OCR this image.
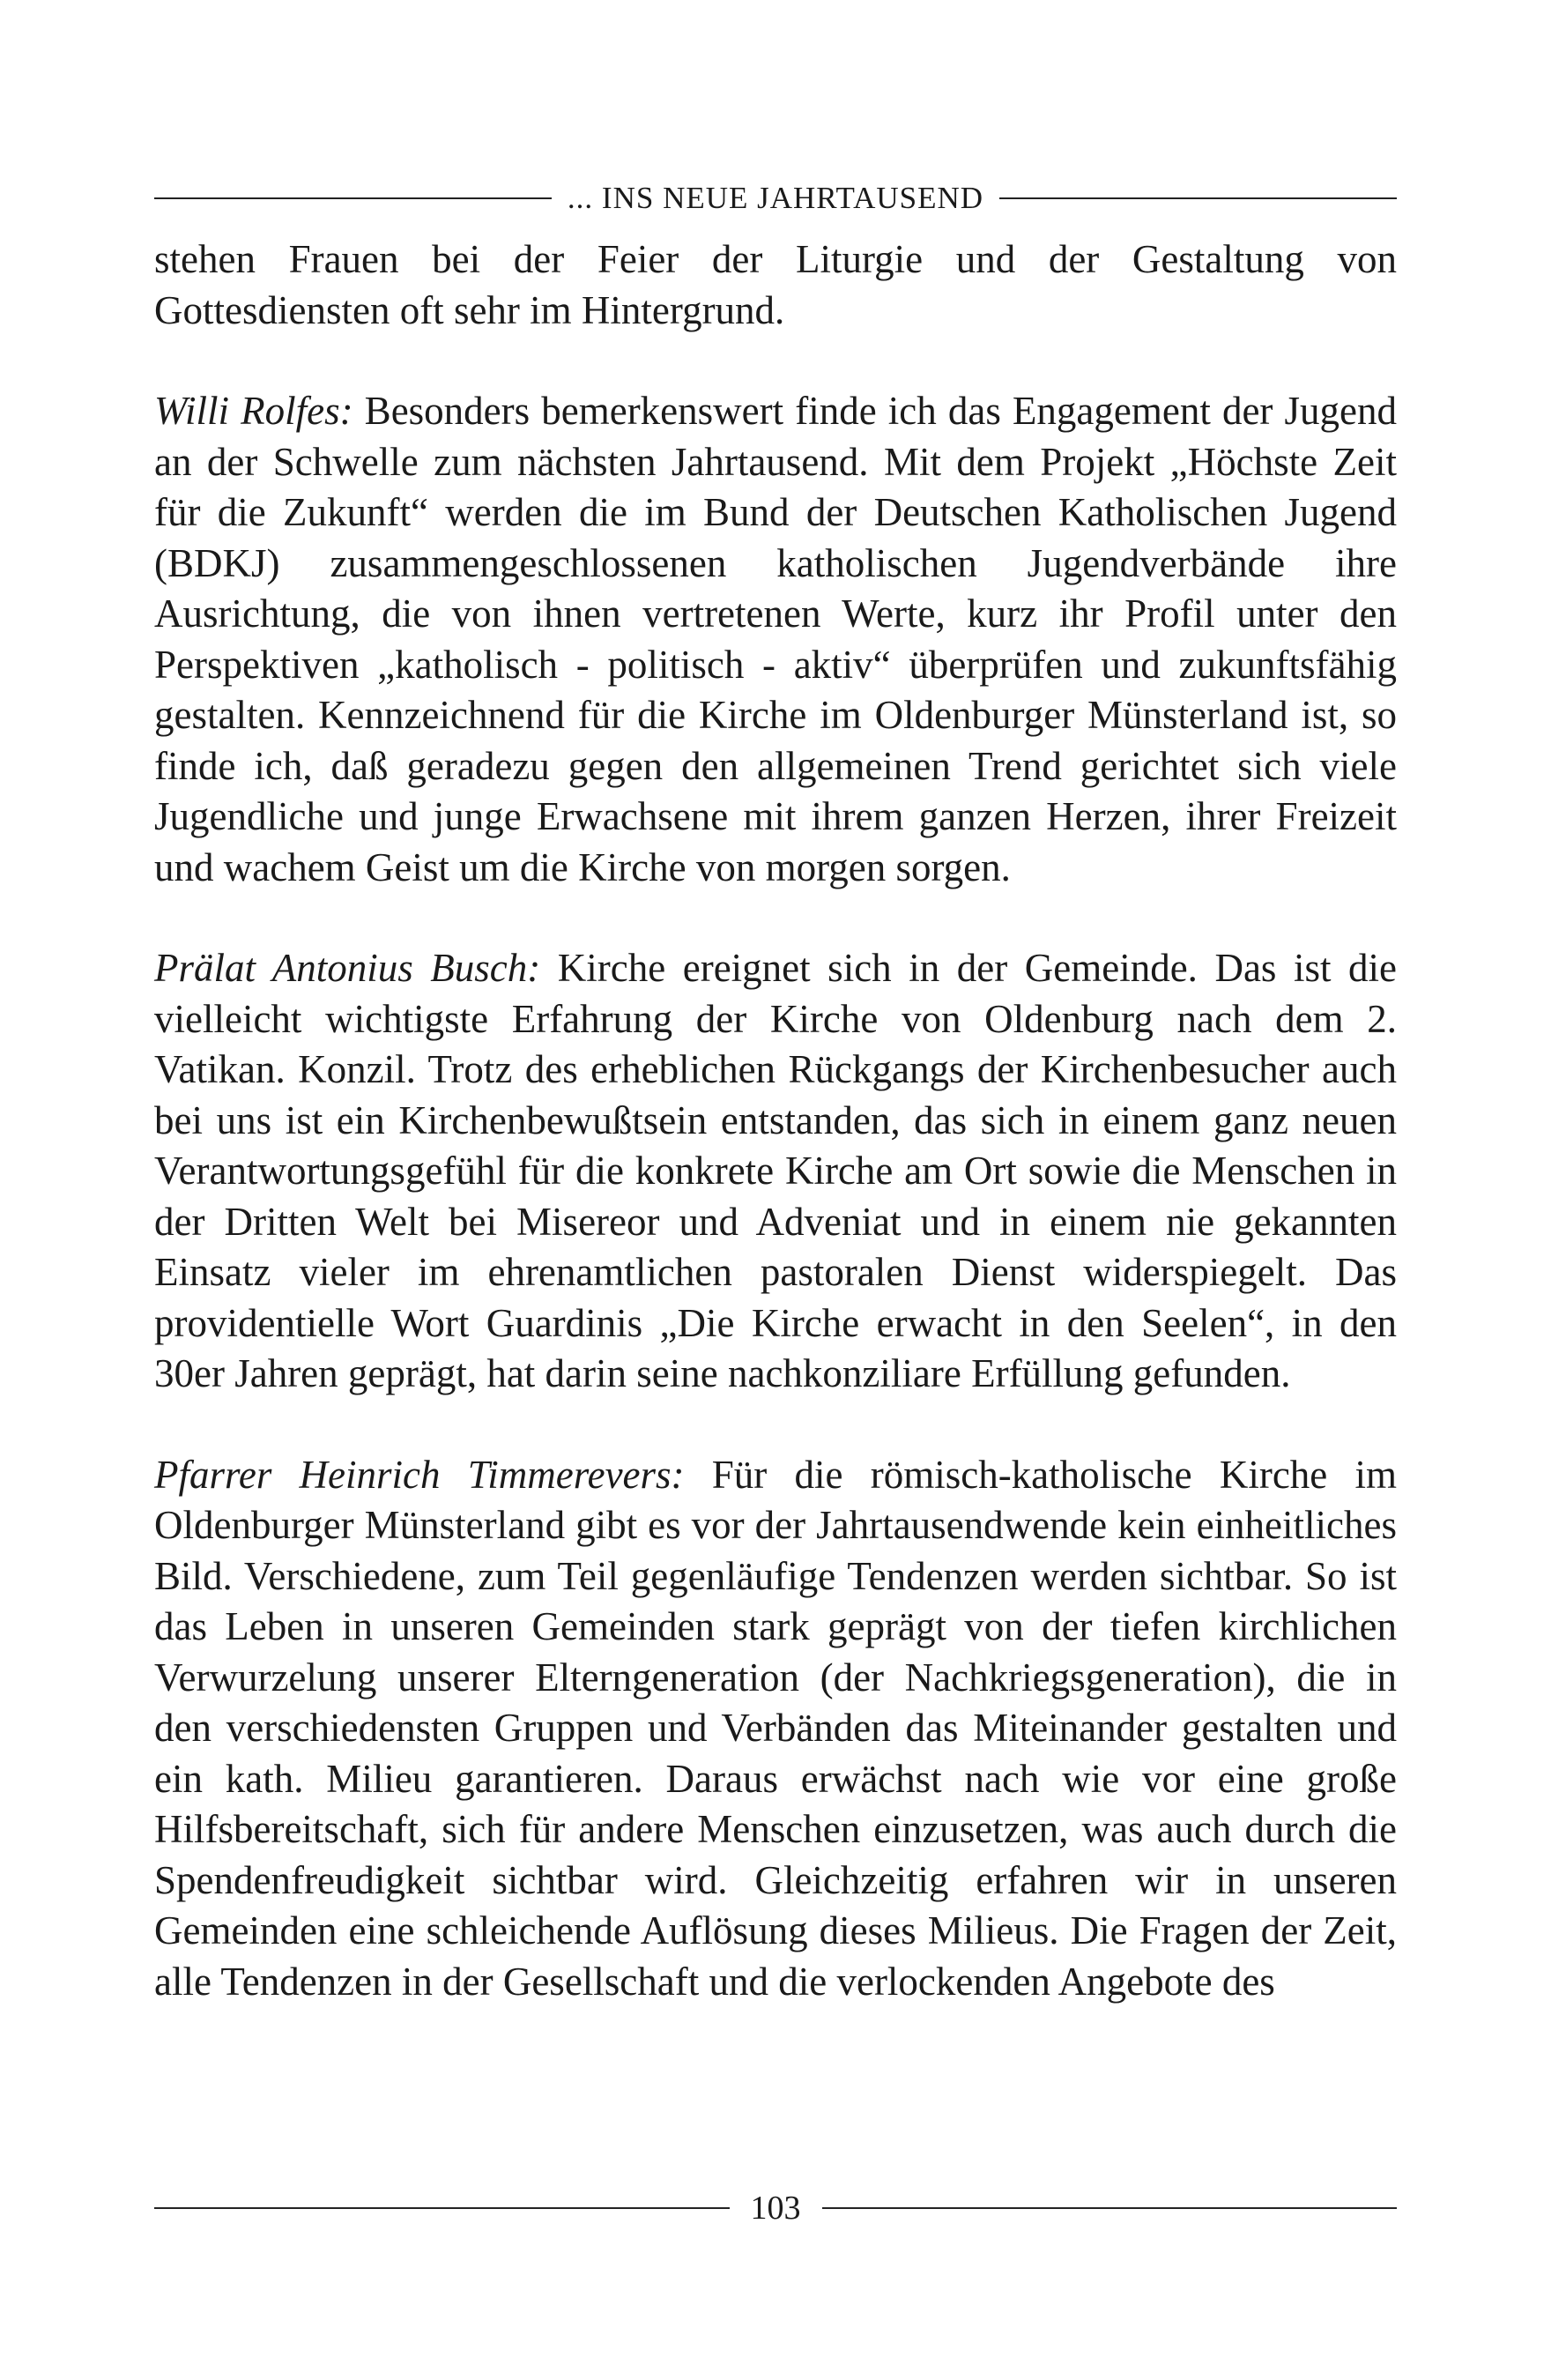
... INS NEUE JAHRTAUSEND

stehen Frauen bei der Feier der Liturgie und der Gestaltung von Gottesdiensten oft sehr im Hintergrund.

Willi Rolfes: Besonders bemerkenswert finde ich das Engagement der Jugend an der Schwelle zum nächsten Jahrtausend. Mit dem Projekt „Höchste Zeit für die Zukunft“ werden die im Bund der Deutschen Katholischen Jugend (BDKJ) zusammengeschlossenen katholischen Jugendverbände ihre Ausrichtung, die von ihnen vertretenen Werte, kurz ihr Profil unter den Perspektiven „katholisch - politisch - aktiv“ überprüfen und zukunftsfähig gestalten. Kennzeichnend für die Kirche im Oldenburger Münsterland ist, so finde ich, daß geradezu gegen den allgemeinen Trend gerichtet sich viele Jugendliche und junge Erwachsene mit ihrem ganzen Herzen, ihrer Freizeit und wachem Geist um die Kirche von morgen sorgen.

Prälat Antonius Busch: Kirche ereignet sich in der Gemeinde. Das ist die vielleicht wichtigste Erfahrung der Kirche von Oldenburg nach dem 2. Vatikan. Konzil. Trotz des erheblichen Rückgangs der Kirchenbesucher auch bei uns ist ein Kirchenbewußtsein entstanden, das sich in einem ganz neuen Verantwortungsgefühl für die konkrete Kirche am Ort sowie die Menschen in der Dritten Welt bei Misereor und Adveniat und in einem nie gekannten Einsatz vieler im ehrenamtlichen pastoralen Dienst widerspiegelt. Das providentielle Wort Guardinis „Die Kirche erwacht in den Seelen“, in den 30er Jahren geprägt, hat darin seine nachkonziliare Erfüllung gefunden.

Pfarrer Heinrich Timmerevers: Für die römisch-katholische Kirche im Oldenburger Münsterland gibt es vor der Jahrtausendwende kein einheitliches Bild. Verschiedene, zum Teil gegenläufige Tendenzen werden sichtbar. So ist das Leben in unseren Gemeinden stark geprägt von der tiefen kirchlichen Verwurzelung unserer Elterngeneration (der Nachkriegsgeneration), die in den verschiedensten Gruppen und Verbänden das Miteinander gestalten und ein kath. Milieu garantieren. Daraus erwächst nach wie vor eine große Hilfsbereitschaft, sich für andere Menschen einzusetzen, was auch durch die Spendenfreudigkeit sichtbar wird. Gleichzeitig erfahren wir in unseren Gemeinden eine schleichende Auflösung dieses Milieus. Die Fragen der Zeit, alle Tendenzen in der Gesellschaft und die verlockenden Angebote des

103
